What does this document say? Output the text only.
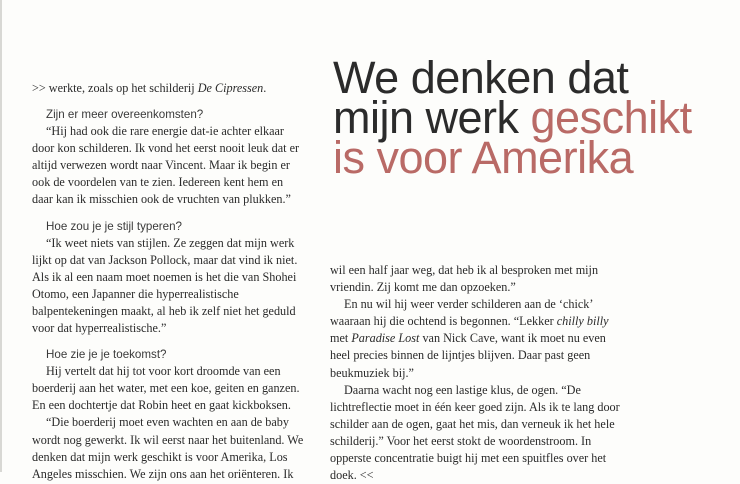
>> werkte, zoals op het schilderij De Cipressen.

Zijn er meer overeenkomsten?

“Hij had ook die rare energie dat-ie achter elkaar door kon schilderen. Ik vond het eerst nooit leuk dat er altijd verwezen wordt naar Vincent. Maar ik begin er ook de voordelen van te zien. Iedereen kent hem en daar kan ik misschien ook de vruchten van plukken.”

Hoe zou je je stijl typeren?

“Ik weet niets van stijlen. Ze zeggen dat mijn werk lijkt op dat van Jackson Pollock, maar dat vind ik niet. Als ik al een naam moet noemen is het die van Shohei Otomo, een Japanner die hyperrealistische balpentekeningen maakt, al heb ik zelf niet het geduld voor dat hyperrealistische.”

Hoe zie je je toekomst?

Hij vertelt dat hij tot voor kort droomde van een boerderij aan het water, met een koe, geiten en ganzen. En een dochtertje dat Robin heet en gaat kickboksen.

“Die boerderij moet even wachten en aan de baby wordt nog gewerkt. Ik wil eerst naar het buitenland. We denken dat mijn werk geschikt is voor Amerika, Los Angeles misschien. We zijn ons aan het oriënteren. Ik

We denken dat
mijn werk geschikt
is voor Amerika

wil een half jaar weg, dat heb ik al besproken met mijn vriendin. Zij komt me dan opzoeken.”

En nu wil hij weer verder schilderen aan de ‘chick’ waaraan hij die ochtend is begonnen. “Lekker chilly billy met Paradise Lost van Nick Cave, want ik moet nu even heel precies binnen de lijntjes blijven. Daar past geen beukmuziek bij.”

Daarna wacht nog een lastige klus, de ogen. “De lichtreflectie moet in één keer goed zijn. Als ik te lang door schilder aan de ogen, gaat het mis, dan verneuk ik het hele schilderij.” Voor het eerst stokt de woordenstroom. In opperste concentratie buigt hij met een spuitfles over het doek. <<
